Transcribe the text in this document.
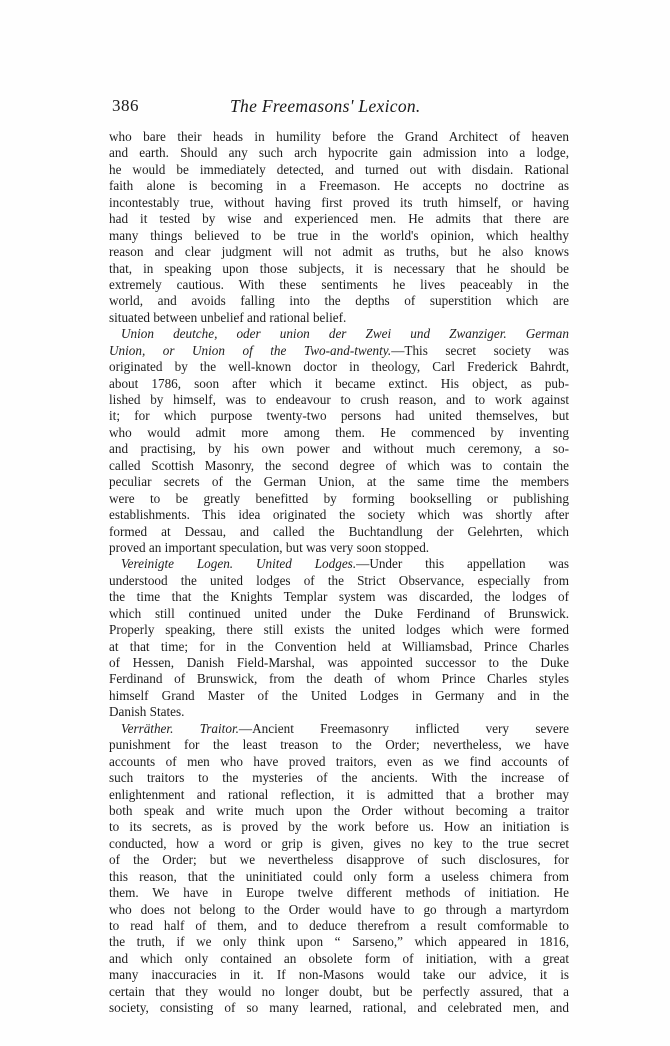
386	The Freemasons' Lexicon.
who bare their heads in humility before the Grand Architect of heaven
and earth. Should any such arch hypocrite gain admission into a lodge,
he would be immediately detected, and turned out with disdain. Rational
faith alone is becoming in a Freemason. He accepts no doctrine as
incontestably true, without having first proved its truth himself, or having
had it tested by wise and experienced men. He admits that there are
many things believed to be true in the world's opinion, which healthy
reason and clear judgment will not admit as truths, but he also knows
that, in speaking upon those subjects, it is necessary that he should be
extremely cautious. With these sentiments he lives peaceably in the
world, and avoids falling into the depths of superstition which are
situated between unbelief and rational belief.
Union deutche, oder union der Zwei und Zwanziger. German
Union, or Union of the Two-and-twenty.—This secret society was
originated by the well-known doctor in theology, Carl Frederick Bahrdt,
about 1786, soon after which it became extinct. His object, as pub-
lished by himself, was to endeavour to crush reason, and to work against
it; for which purpose twenty-two persons had united themselves, but
who would admit more among them. He commenced by inventing
and practising, by his own power and without much ceremony, a so-
called Scottish Masonry, the second degree of which was to contain the
peculiar secrets of the German Union, at the same time the members
were to be greatly benefitted by forming bookselling or publishing
establishments. This idea originated the society which was shortly after
formed at Dessau, and called the Buchtandlung der Gelehrten, which
proved an important speculation, but was very soon stopped.
Vereinigte Logen. United Lodges.—Under this appellation was
understood the united lodges of the Strict Observance, especially from
the time that the Knights Templar system was discarded, the lodges of
which still continued united under the Duke Ferdinand of Brunswick.
Properly speaking, there still exists the united lodges which were formed
at that time; for in the Convention held at Williamsbad, Prince Charles
of Hessen, Danish Field-Marshal, was appointed successor to the Duke
Ferdinand of Brunswick, from the death of whom Prince Charles styles
himself Grand Master of the United Lodges in Germany and in the
Danish States.
Verräther. Traitor.—Ancient Freemasonry inflicted very severe
punishment for the least treason to the Order; nevertheless, we have
accounts of men who have proved traitors, even as we find accounts of
such traitors to the mysteries of the ancients. With the increase of
enlightenment and rational reflection, it is admitted that a brother may
both speak and write much upon the Order without becoming a traitor
to its secrets, as is proved by the work before us. How an initiation is
conducted, how a word or grip is given, gives no key to the true secret
of the Order; but we nevertheless disapprove of such disclosures, for
this reason, that the uninitiated could only form a useless chimera from
them. We have in Europe twelve different methods of initiation. He
who does not belong to the Order would have to go through a martyrdom
to read half of them, and to deduce therefrom a result comformable to
the truth, if we only think upon “ Sarseno,” which appeared in 1816,
and which only contained an obsolete form of initiation, with a great
many inaccuracies in it. If non-Masons would take our advice, it is
certain that they would no longer doubt, but be perfectly assured, that a
society, consisting of so many learned, rational, and celebrated men, and
